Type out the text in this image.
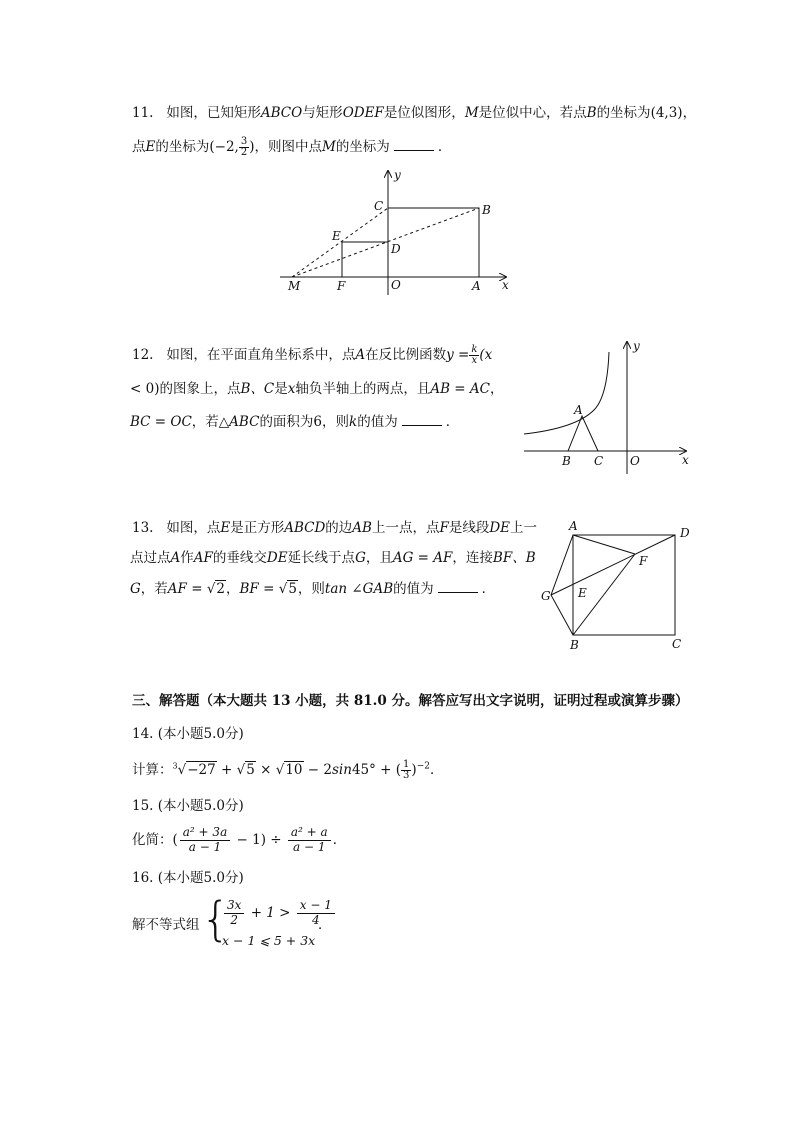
11. 如图，已知矩形ABCO与矩形ODEF是位似图形，M是位似中心，若点B的坐标为(4,3)，
点E的坐标为(−2, $\frac{3}{2}$ )，则图中点M的坐标为	．
y
x
C	B
E
D
M	F	O	A
12. 如图，在平面直角坐标系中，点A在反比例函数$y = \frac{k}{x} (x$
< 0)的图象上，点B、C是x轴负半轴上的两点，且AB = AC，
BC = OC，若△ABC的面积为6，则k的值为	．
y
x
A
B C O
13. 如图，点E是正方形ABCD的边AB上一点，点F是线段DE上一
点过点A作AF的垂线交DE延长线于点G，且AG = AF，连接BF、B
G，若AF = √2，BF = √5，则tan ∠GAB的值为	．
A	D
F
G E
B	C
三、解答题（本大题共 13 小题，共 81.0 分。解答应写出文字说明，证明过程或演算步骤）
14. (本小题5.0分)
计算：$^3$√−27 + √5 × √10 − 2sin45° + ( $\frac{1}{3} )^{-2}$．
15. (本小题5.0分)
化简：( $\frac{\text{a² + 3a}}{a - 1} - 1) \div \frac{\text{a² + a}}{a - 1}$ ．
16. (本小题5.0分)
解不等式组 {
$\frac{3x}{2} + 1 > \frac{x - 1}{4}$
x − 1 ⩽ 5 + 3x
．
